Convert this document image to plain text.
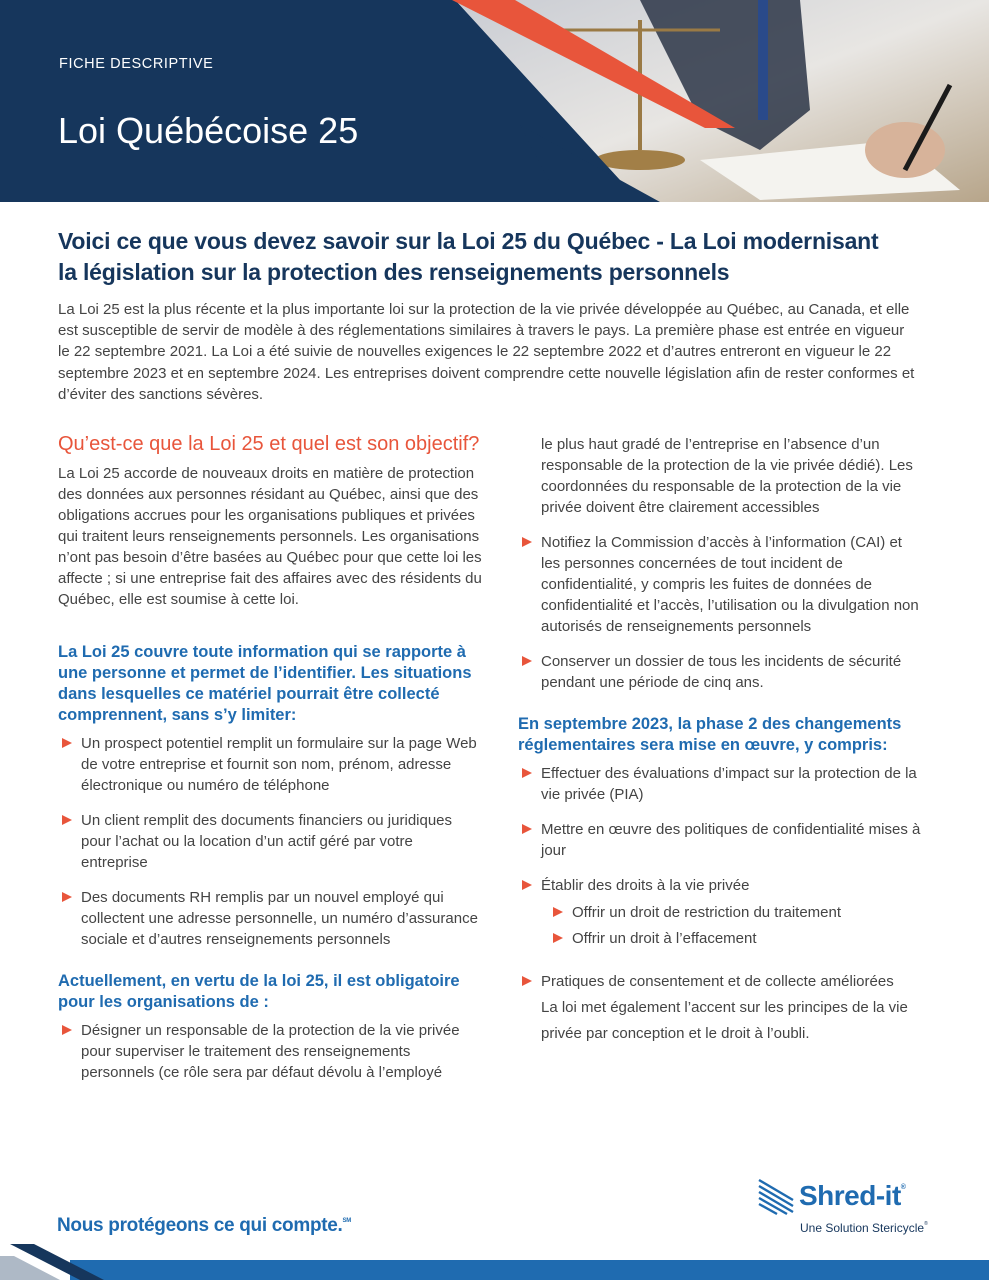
FICHE DESCRIPTIVE
Loi Québécoise 25
Voici ce que vous devez savoir sur la Loi 25 du Québec - La Loi modernisant
la législation sur la protection des renseignements personnels

La Loi 25 est la plus récente et la plus importante loi sur la protection de la vie privée développée au Québec, au Canada, et elle est susceptible de servir de modèle à des réglementations similaires à travers le pays. La première phase est entrée en vigueur le 22 septembre 2021. La Loi a été suivie de nouvelles exigences le 22 septembre 2022 et d’autres entreront en vigueur le 22 septembre 2023 et en septembre 2024. Les entreprises doivent comprendre cette nouvelle législation afin de rester conformes et d’éviter des sanctions sévères.

Qu’est-ce que la Loi 25 et quel est son objectif?

La Loi 25 accorde de nouveaux droits en matière de protection des données aux personnes résidant au Québec, ainsi que des obligations accrues pour les organisations publiques et privées qui traitent leurs renseignements personnels. Les organisations n’ont pas besoin d’être basées au Québec pour que cette loi les affecte ; si une entreprise fait des affaires avec des résidents du Québec, elle est soumise à cette loi.

La Loi 25 couvre toute information qui se rapporte à une personne et permet de l’identifier. Les situations dans lesquelles ce matériel pourrait être collecté comprennent, sans s’y limiter:
Un prospect potentiel remplit un formulaire sur la page Web de votre entreprise et fournit son nom, prénom, adresse électronique ou numéro de téléphone
Un client remplit des documents financiers ou juridiques pour l’achat ou la location d’un actif géré par votre entreprise
Des documents RH remplis par un nouvel employé qui collectent une adresse personnelle, un numéro d’assurance sociale et d’autres renseignements personnels
Actuellement, en vertu de la loi 25, il est obligatoire pour les organisations de :
Désigner un responsable de la protection de la vie privée pour superviser le traitement des renseignements personnels (ce rôle sera par défaut dévolu à l’employé

le plus haut gradé de l’entreprise en l’absence d’un responsable de la protection de la vie privée dédié). Les coordonnées du responsable de la protection de la vie privée doivent être clairement accessibles

Notifiez la Commission d’accès à l’information (CAI) et les personnes concernées de tout incident de confidentialité, y compris les fuites de données de confidentialité et l’accès, l’utilisation ou la divulgation non autorisés de renseignements personnels
Conserver un dossier de tous les incidents de sécurité pendant une période de cinq ans.
En septembre 2023, la phase 2 des changements réglementaires sera mise en œuvre, y compris:
Effectuer des évaluations d’impact sur la protection de la vie privée (PIA)
Mettre en œuvre des politiques de confidentialité mises à jour
Établir des droits à la vie privée
Offrir un droit de restriction du traitement
Offrir un droit à l’effacement
Pratiques de consentement et de collecte améliorées

La loi met également l’accent sur les principes de la vie privée par conception et le droit à l’oubli.

Nous protégeons ce qui compte.℠
Shred-it®
Une Solution Stericycle®
